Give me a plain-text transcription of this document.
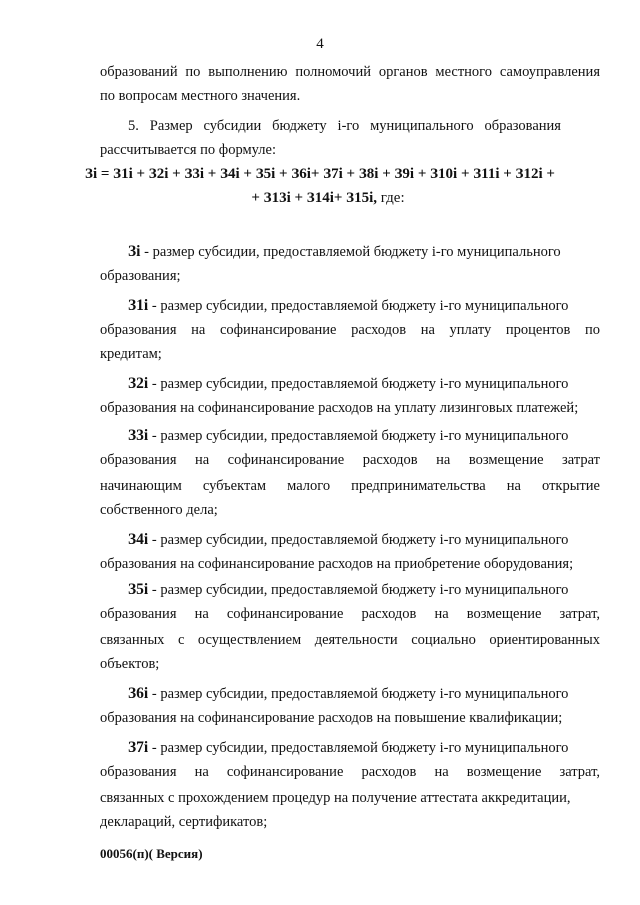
4
образований по выполнению полномочий органов местного самоуправления
по вопросам местного значения.
5.   Размер   субсидии   бюджету   i-го   муниципального   образования
рассчитывается по формуле:
Зi = З1i + З2i + З3i + З4i + З5i + З6i+ З7i + З8i + З9i + З10i + З11i + З12i +
+ З13i + З14i+ З15i, где:
Зi - размер субсидии, предоставляемой бюджету i-го муниципального
образования;
З1i - размер субсидии, предоставляемой бюджету i-го муниципального
образования на софинансирование расходов на уплату процентов по
кредитам;
З2i - размер субсидии, предоставляемой бюджету i-го муниципального
образования на софинансирование расходов на уплату лизинговых платежей;
З3i - размер субсидии, предоставляемой бюджету i-го муниципального
образования на софинансирование расходов на возмещение затрат
начинающим субъектам малого предпринимательства на открытие
собственного дела;
З4i - размер субсидии, предоставляемой бюджету i-го муниципального
образования на софинансирование расходов на приобретение оборудования;
З5i - размер субсидии, предоставляемой бюджету i-го муниципального
образования на софинансирование расходов на возмещение затрат,
связанных с осуществлением деятельности социально ориентированных
объектов;
З6i - размер субсидии, предоставляемой бюджету i-го муниципального
образования на софинансирование расходов на повышение квалификации;
З7i - размер субсидии, предоставляемой бюджету i-го муниципального
образования на софинансирование расходов на возмещение затрат,
связанных с прохождением процедур на получение аттестата аккредитации,
деклараций, сертификатов;
00056(п)( Версия)
